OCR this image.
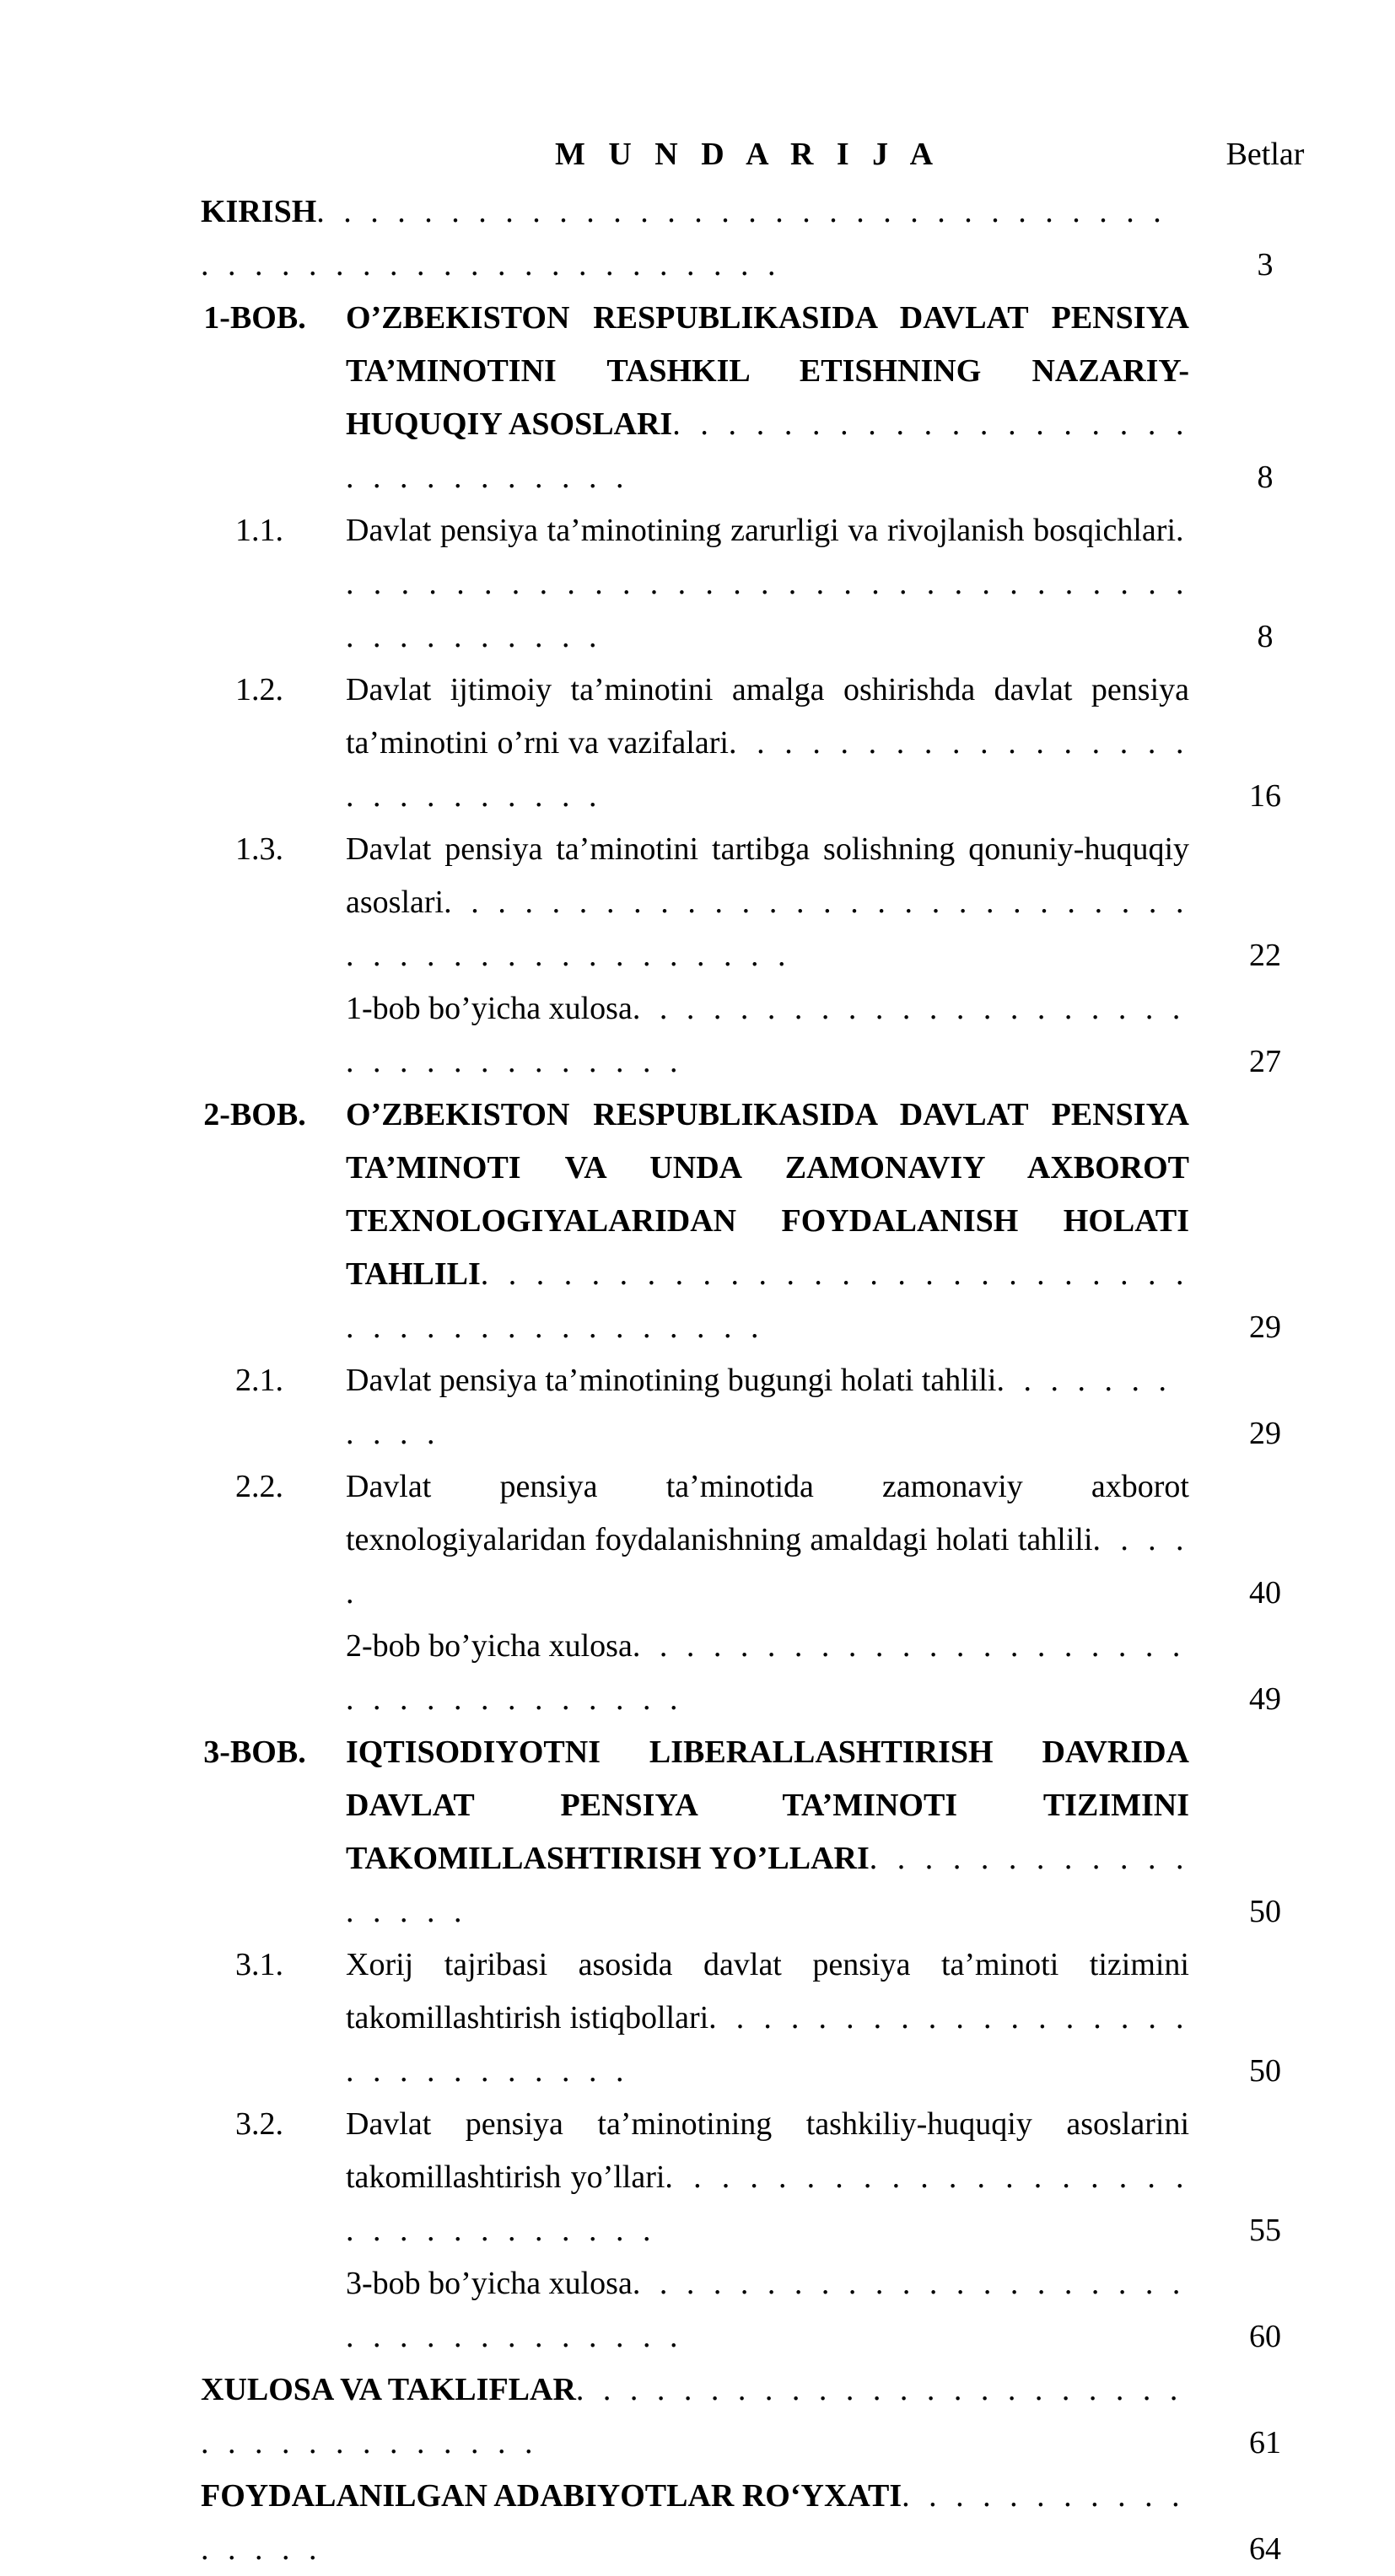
M U N D A R I J A	Betlar
KIRISH. . . . . . . . . . . . . . . . . . . . . . . . . . . . . . . . . . . . . . . . . . . . . . . . . . . . . .	3
1-BOB. O’ZBEKISTON RESPUBLIKASIDA DAVLAT PENSIYA TA’MINOTINI TASHKIL ETISHNING NAZARIY-HUQUQIY ASOSLARI. . . . . . . . . . . . . . . . . . . . . . . . . . . . . .	8
1.1.	Davlat pensiya ta’minotining zarurligi va rivojlanish bosqichlari. . . . . . . . . . . . . . . . . . . . . . . . . . . . . . . . . . . . . . . . . .	8
1.2.	Davlat ijtimoiy ta’minotini amalga oshirishda davlat pensiya ta’minotini o’rni va vazifalari. . . . . . . . . . . . . . . . . . . . . . . . . . .	16
1.3.	Davlat pensiya ta’minotini tartibga solishning qonuniy-huquqiy asoslari. . . . . . . . . . . . . . . . . . . . . . . . . . . . . . . . . . . . . . . . . . . . .	22
1-bob bo’yicha xulosa. . . . . . . . . . . . . . . . . . . . . . . . . . . . . . . . . .	27
2-BOB. O’ZBEKISTON RESPUBLIKASIDA DAVLAT PENSIYA TA’MINOTI VA UNDA ZAMONAVIY AXBOROT TEXNOLOGIYALARIDAN FOYDALANISH HOLATI TAHLILI. . . . . . . . . . . . . . . . . . . . . . . . . . . . . . . . . . . . . . . . . .	29
2.1.	Davlat pensiya ta’minotining bugungi holati tahlili. . . . . . . . . . .	29
2.2.	Davlat pensiya ta’minotida zamonaviy axborot texnologiyalaridan foydalanishning amaldagi holati tahlili. . . . .	40
2-bob bo’yicha xulosa. . . . . . . . . . . . . . . . . . . . . . . . . . . . . . . . . .	49
3-BOB. IQTISODIYOTNI LIBERALLASHTIRISH DAVRIDA DAVLAT PENSIYA TA’MINOTI TIZIMINI TAKOMILLASHTIRISH YO’LLARI. . . . . . . . . . . . . . . . .	50
3.1.	Xorij tajribasi asosida davlat pensiya ta’minoti tizimini takomillashtirish istiqbollari. . . . . . . . . . . . . . . . . . . . . . . . . . . . .	50
3.2.	Davlat pensiya ta’minotining tashkiliy-huquqiy asoslarini takomillashtirish yo’llari. . . . . . . . . . . . . . . . . . . . . . . . . . . . . . .	55
3-bob bo’yicha xulosa. . . . . . . . . . . . . . . . . . . . . . . . . . . . . . . . . .	60
XULOSA VA TAKLIFLAR. . . . . . . . . . . . . . . . . . . . . . . . . . . . . . . . . . . .	61
FOYDALANILGAN ADABIYOTLAR RO‘YXATI. . . . . . . . . . . . . . . .	64
